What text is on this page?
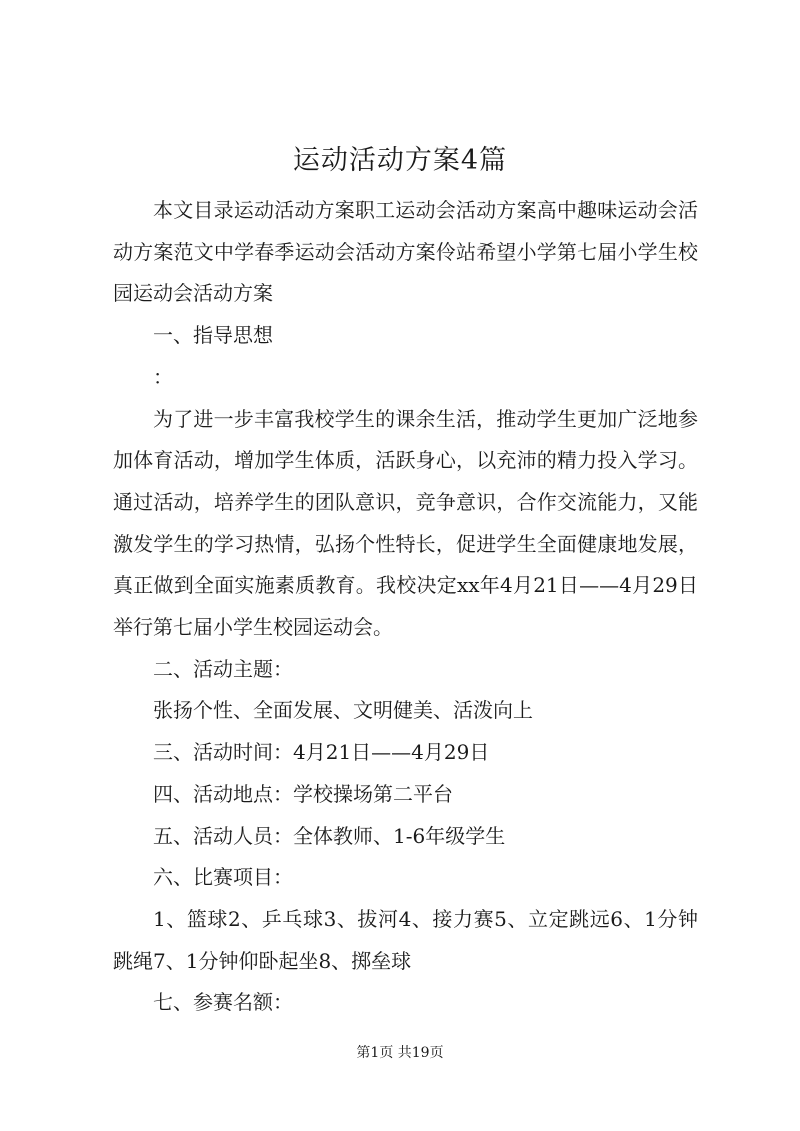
运动活动方案4篇

本文目录运动活动方案职工运动会活动方案高中趣味运动会活动方案范文中学春季运动会活动方案伶站希望小学第七届小学生校园运动会活动方案

一、指导思想

：

为了进一步丰富我校学生的课余生活，推动学生更加广泛地参加体育活动，增加学生体质，活跃身心，以充沛的精力投入学习。通过活动，培养学生的团队意识，竞争意识，合作交流能力，又能激发学生的学习热情，弘扬个性特长，促进学生全面健康地发展，真正做到全面实施素质教育。我校决定xx年4月21日——4月29日举行第七届小学生校园运动会。

二、活动主题：

张扬个性、全面发展、文明健美、活泼向上

三、活动时间：4月21日——4月29日

四、活动地点：学校操场第二平台

五、活动人员：全体教师、1-6年级学生

六、比赛项目：

1、篮球2、乒乓球3、拔河4、接力赛5、立定跳远6、1分钟跳绳7、1分钟仰卧起坐8、掷垒球

七、参赛名额：

第1页 共19页
